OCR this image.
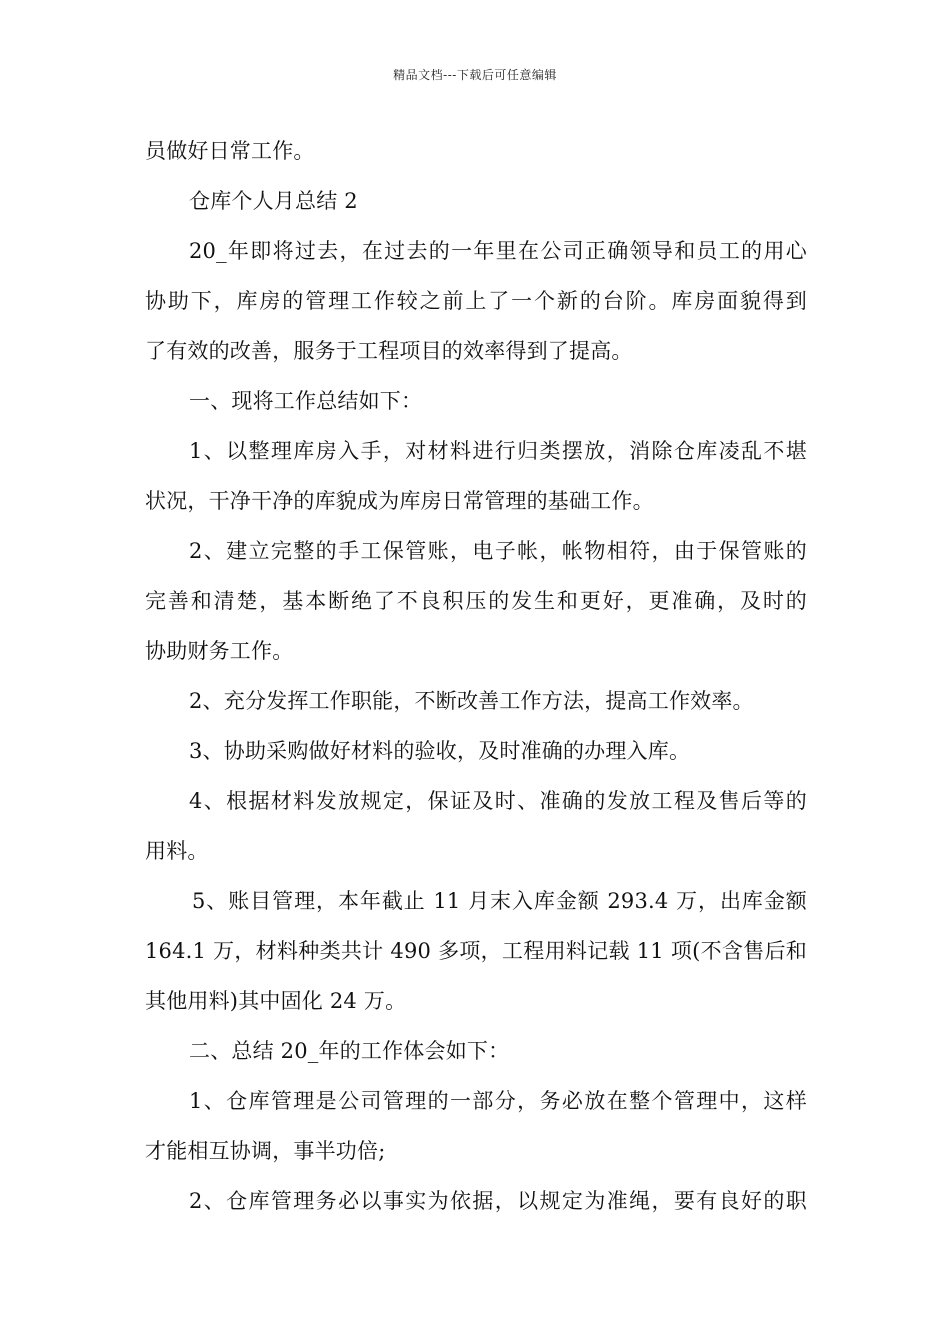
精品文档---下载后可任意编辑
员做好日常工作。
仓库个人月总结 2
20_年即将过去，在过去的一年里在公司正确领导和员工的用心
协助下，库房的管理工作较之前上了一个新的台阶。库房面貌得到
了有效的改善，服务于工程项目的效率得到了提高。
一、现将工作总结如下：
1、以整理库房入手，对材料进行归类摆放，消除仓库凌乱不堪
状况，干净干净的库貌成为库房日常管理的基础工作。
2、建立完整的手工保管账，电子帐，帐物相符，由于保管账的
完善和清楚，基本断绝了不良积压的发生和更好，更准确，及时的
协助财务工作。
2、充分发挥工作职能，不断改善工作方法，提高工作效率。
3、协助采购做好材料的验收，及时准确的办理入库。
4、根据材料发放规定，保证及时、准确的发放工程及售后等的
用料。
5、账目管理，本年截止 11 月末入库金额 293.4 万，出库金额
164.1 万，材料种类共计 490 多项，工程用料记载 11 项(不含售后和
其他用料)其中固化 24 万。
二、总结 20_年的工作体会如下：
1、仓库管理是公司管理的一部分，务必放在整个管理中，这样
才能相互协调，事半功倍;
2、仓库管理务必以事实为依据，以规定为准绳，要有良好的职
